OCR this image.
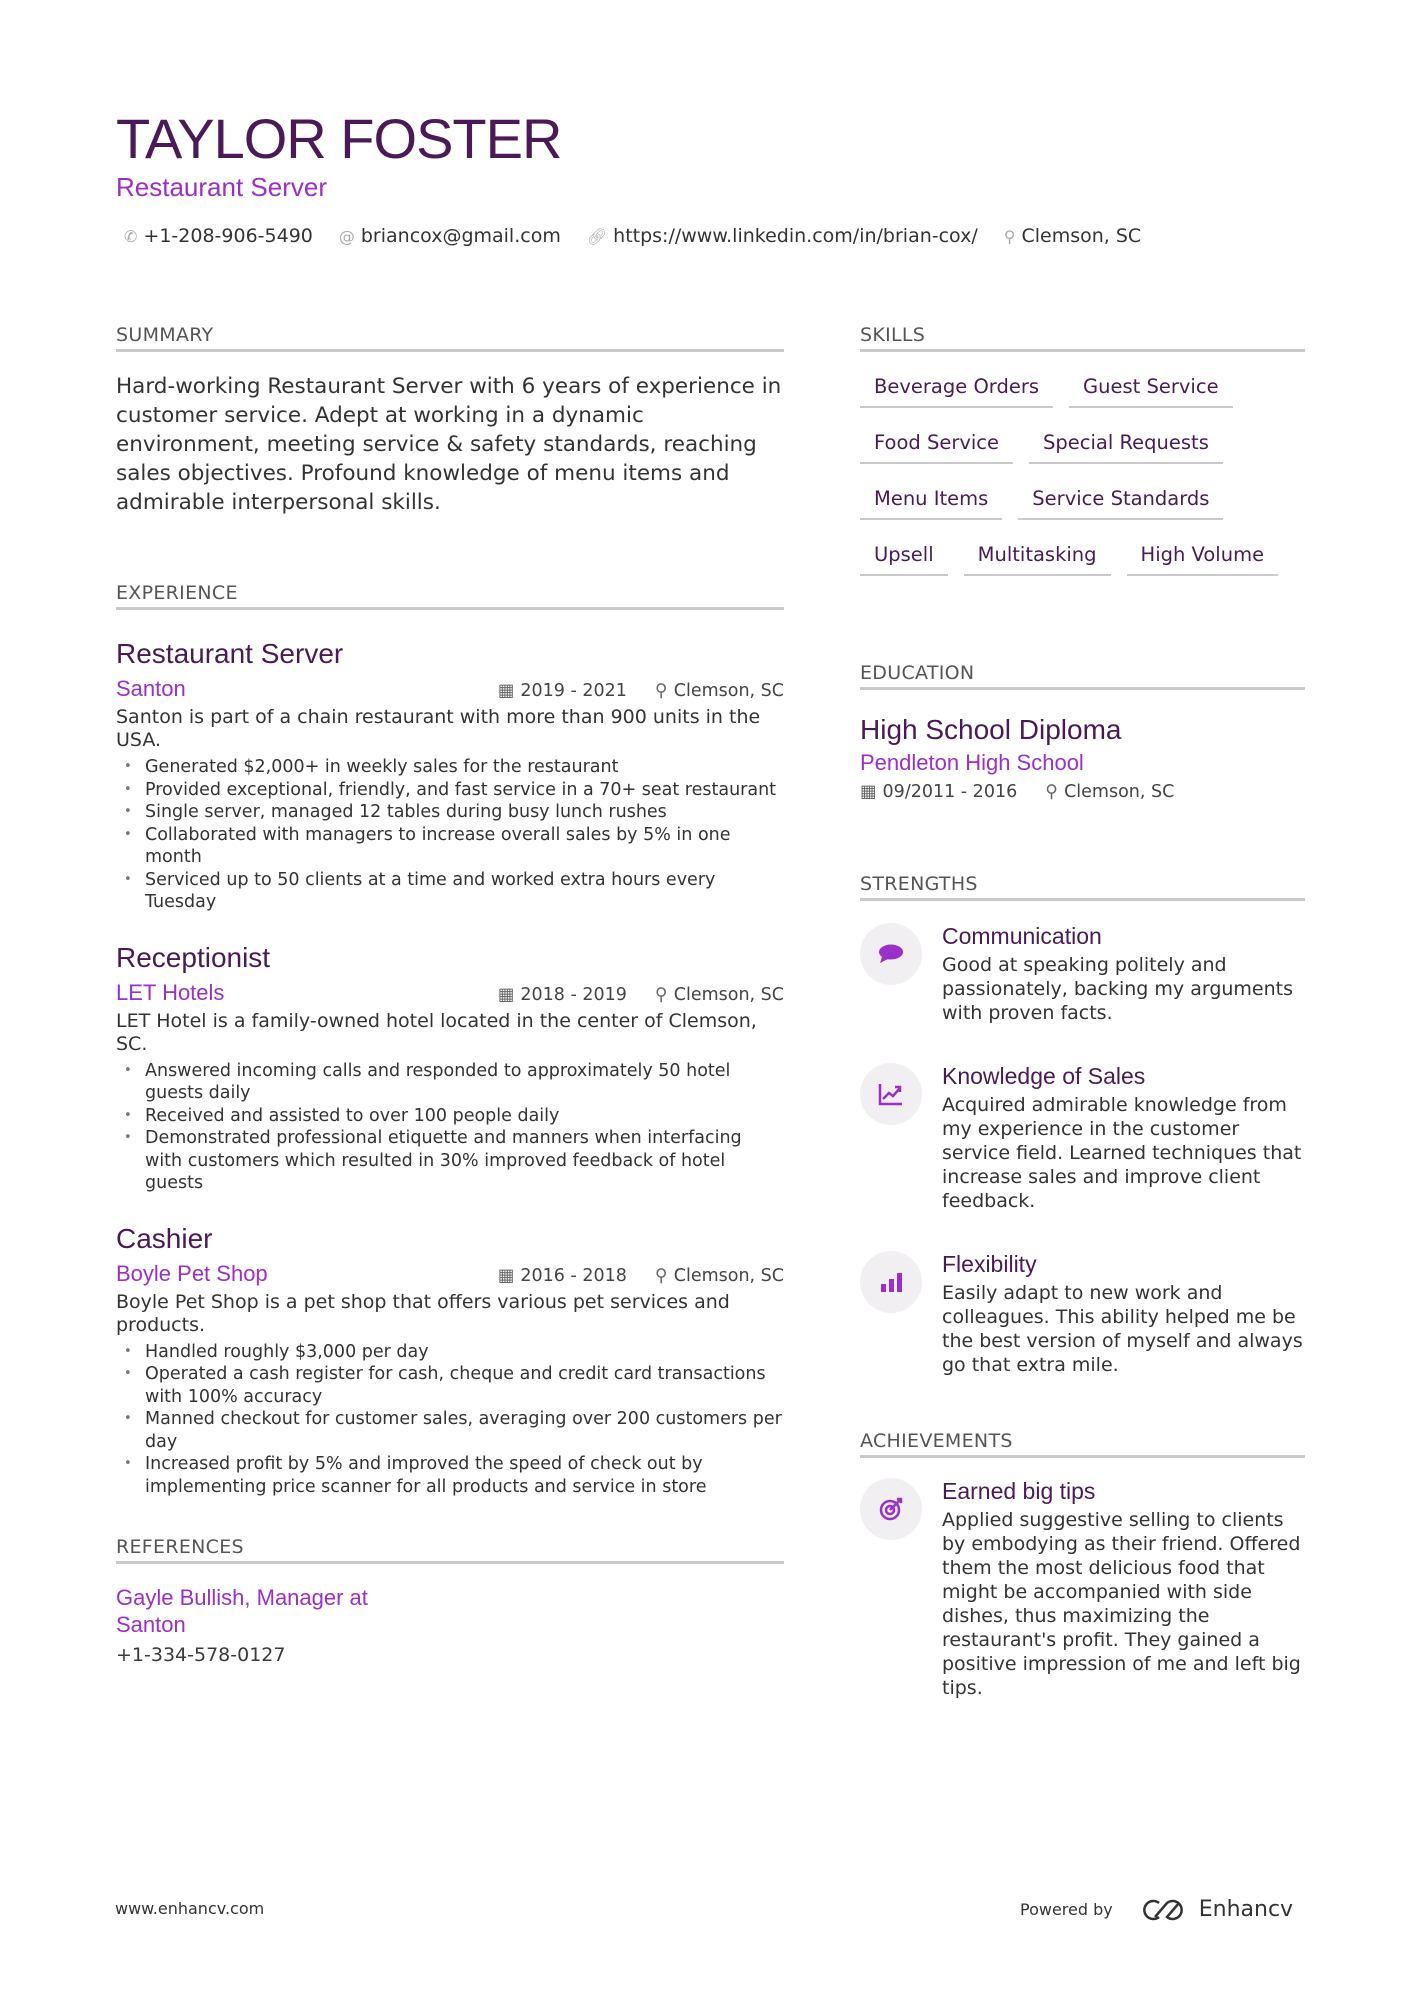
TAYLOR FOSTER
Restaurant Server
✆ +1-208-906-5490 @ briancox@gmail.com 🔗︎ https://www.linkedin.com/in/brian-cox/ ⚲ Clemson, SC
SUMMARY
Hard-working Restaurant Server with 6 years of experience in customer service. Adept at working in a dynamic environment, meeting service & safety standards, reaching sales objectives. Profound knowledge of menu items and admirable interpersonal skills.
EXPERIENCE
Restaurant Server
Santon	▦ 2019 - 2021 ⚲ Clemson, SC
Santon is part of a chain restaurant with more than 900 units in the USA.
• Generated $2,000+ in weekly sales for the restaurant
• Provided exceptional, friendly, and fast service in a 70+ seat restaurant
• Single server, managed 12 tables during busy lunch rushes
• Collaborated with managers to increase overall sales by 5% in one month
• Serviced up to 50 clients at a time and worked extra hours every Tuesday
Receptionist
LET Hotels	▦ 2018 - 2019 ⚲ Clemson, SC
LET Hotel is a family-owned hotel located in the center of Clemson, SC.
• Answered incoming calls and responded to approximately 50 hotel guests daily
• Received and assisted to over 100 people daily
• Demonstrated professional etiquette and manners when interfacing with customers which resulted in 30% improved feedback of hotel guests
Cashier
Boyle Pet Shop	▦ 2016 - 2018 ⚲ Clemson, SC
Boyle Pet Shop is a pet shop that offers various pet services and products.
• Handled roughly $3,000 per day
• Operated a cash register for cash, cheque and credit card transactions with 100% accuracy
• Manned checkout for customer sales, averaging over 200 customers per day
• Increased profit by 5% and improved the speed of check out by implementing price scanner for all products and service in store
REFERENCES
Gayle Bullish, Manager at Santon
+1-334-578-0127
SKILLS
Beverage Orders	Guest Service
Food Service	Special Requests
Menu Items	Service Standards
Upsell	Multitasking	High Volume
EDUCATION
High School Diploma
Pendleton High School
▦ 09/2011 - 2016 ⚲ Clemson, SC
STRENGTHS
Communication
Good at speaking politely and passionately, backing my arguments with proven facts.
Knowledge of Sales
Acquired admirable knowledge from my experience in the customer service field. Learned techniques that increase sales and improve client feedback.
Flexibility
Easily adapt to new work and colleagues. This ability helped me be the best version of myself and always go that extra mile.
ACHIEVEMENTS
Earned big tips
Applied suggestive selling to clients by embodying as their friend. Offered them the most delicious food that might be accompanied with side dishes, thus maximizing the restaurant's profit. They gained a positive impression of me and left big tips.
www.enhancv.com	Powered by	Enhancv
